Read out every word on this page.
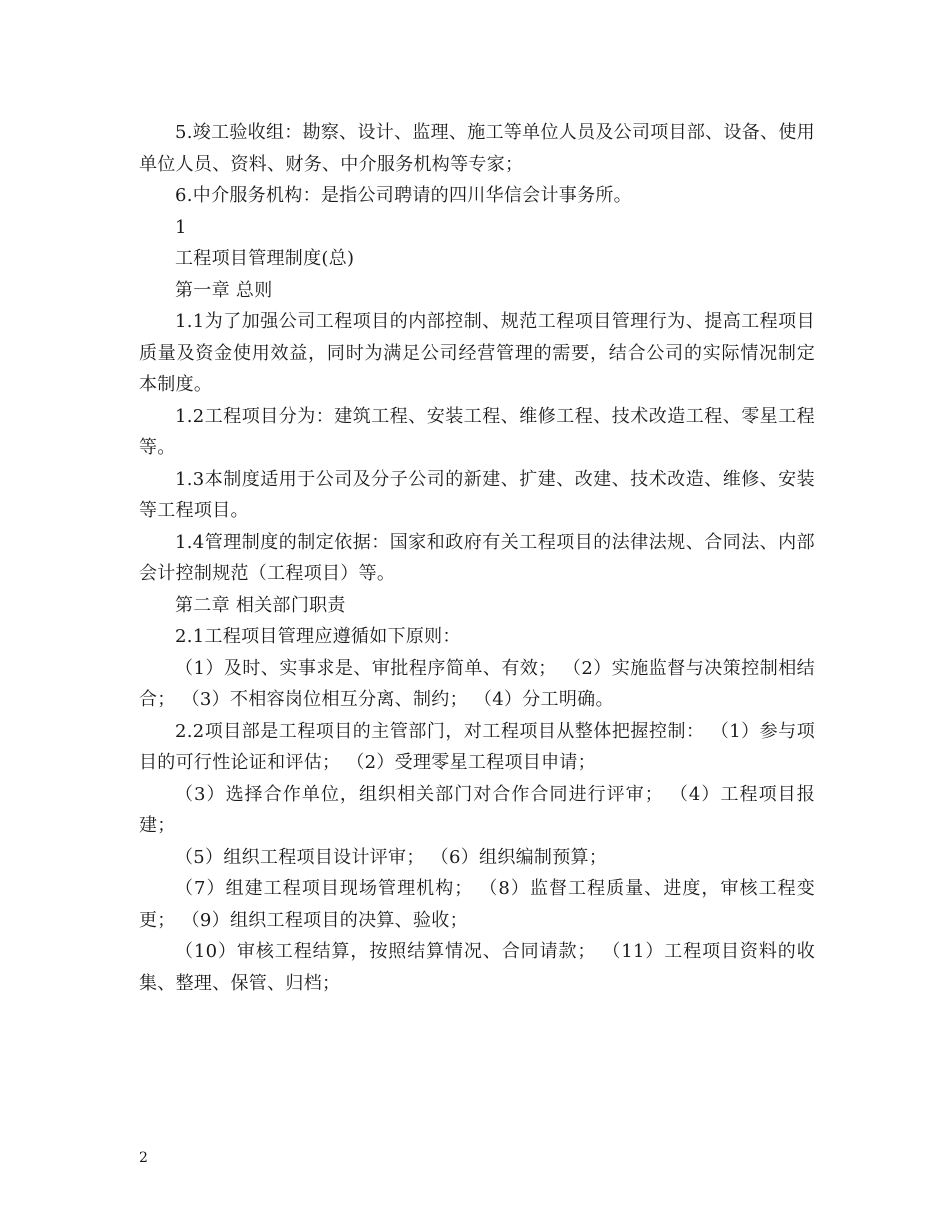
5.竣工验收组：勘察、设计、监理、施工等单位人员及公司项目部、设备、使用单位人员、资料、财务、中介服务机构等专家；

6.中介服务机构：是指公司聘请的四川华信会计事务所。

1

工程项目管理制度(总)

第一章 总则

1.1为了加强公司工程项目的内部控制、规范工程项目管理行为、提高工程项目质量及资金使用效益，同时为满足公司经营管理的需要，结合公司的实际情况制定本制度。

1.2工程项目分为：建筑工程、安装工程、维修工程、技术改造工程、零星工程等。

1.3本制度适用于公司及分子公司的新建、扩建、改建、技术改造、维修、安装等工程项目。

1.4管理制度的制定依据：国家和政府有关工程项目的法律法规、合同法、内部会计控制规范（工程项目）等。

第二章 相关部门职责

2.1工程项目管理应遵循如下原则：

（1）及时、实事求是、审批程序简单、有效； （2）实施监督与决策控制相结合； （3）不相容岗位相互分离、制约； （4）分工明确。

2.2项目部是工程项目的主管部门，对工程项目从整体把握控制： （1）参与项目的可行性论证和评估； （2）受理零星工程项目申请；

（3）选择合作单位，组织相关部门对合作合同进行评审； （4）工程项目报建；

（5）组织工程项目设计评审； （6）组织编制预算；

（7）组建工程项目现场管理机构； （8）监督工程质量、进度，审核工程变更； （9）组织工程项目的决算、验收；

（10）审核工程结算，按照结算情况、合同请款； （11）工程项目资料的收集、整理、保管、归档；

2
